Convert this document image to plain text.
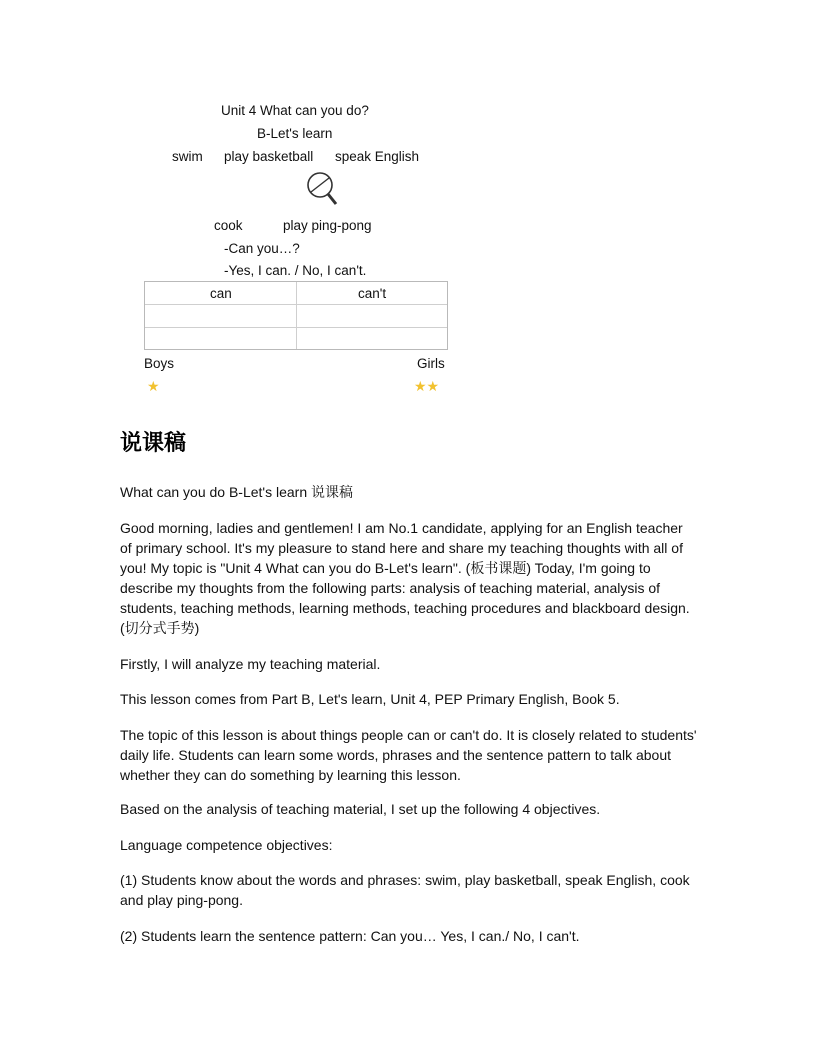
Unit 4 What can you do?
B-Let's learn
swim play basketball speak English
cook	play ping-pong
-Can you…?
-Yes, I can. / No, I can't.
can	can't
Boys	Girls
★	★★
说课稿
What can you do B-Let's learn 说课稿
Good morning, ladies and gentlemen! I am No.1 candidate, applying for an English teacher of primary school. It's my pleasure to stand here and share my teaching thoughts with all of you! My topic is "Unit 4 What can you do B-Let's learn". (板书课题) Today, I'm going to describe my thoughts from the following parts: analysis of teaching material, analysis of students, teaching methods, learning methods, teaching procedures and blackboard design.(切分式手势)
Firstly, I will analyze my teaching material.
This lesson comes from Part B, Let's learn, Unit 4, PEP Primary English, Book 5.
The topic of this lesson is about things people can or can't do. It is closely related to students' daily life. Students can learn some words, phrases and the sentence pattern to talk about whether they can do something by learning this lesson.
Based on the analysis of teaching material, I set up the following 4 objectives.
Language competence objectives:
(1) Students know about the words and phrases: swim, play basketball, speak English, cook and play ping-pong.
(2) Students learn the sentence pattern: Can you… Yes, I can./ No, I can't.
